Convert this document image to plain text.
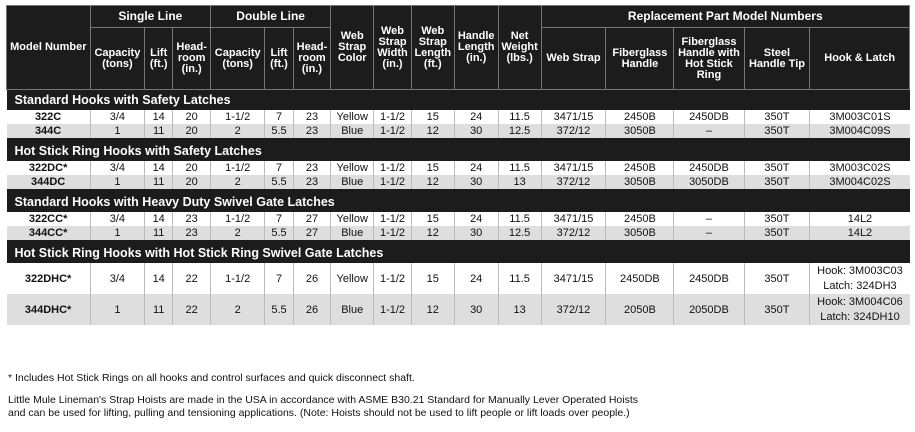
Model Number	Single Line			Double Line			Web Strap Color	Web Strap Width (in.)	Web Strap Length (ft.)	Handle Length (in.)	Net Weight (lbs.)	Replacement Part Model Numbers				
	Capacity (tons)	Lift (ft.)	Head- room (in.)	Capacity (tons)	Lift (ft.)	Head- room (in.)						Web Strap	Fiberglass Handle	Fiberglass Handle with Hot Stick Ring	Steel Handle Tip	Hook & Latch
Standard Hooks with Safety Latches																
322C	3/4	14	20	1-1/2	7	23	Yellow	1-1/2	15	24	11.5	3471/15	2450B	2450DB	350T	3M003C01S
344C	1	11	20	2	5.5	23	Blue	1-1/2	12	30	12.5	372/12	3050B	–	350T	3M004C09S

Hot Stick Ring Hooks with Safety Latches																
322DC*	3/4	14	20	1-1/2	7	23	Yellow	1-1/2	15	24	11.5	3471/15	2450B	2450DB	350T	3M003C02S
344DC	1	11	20	2	5.5	23	Blue	1-1/2	12	30	13	372/12	3050B	3050DB	350T	3M004C02S

Standard Hooks with Heavy Duty Swivel Gate Latches																
322CC*	3/4	14	23	1-1/2	7	27	Yellow	1-1/2	15	24	11.5	3471/15	2450B	–	350T	14L2
344CC*	1	11	23	2	5.5	27	Blue	1-1/2	12	30	12.5	372/12	3050B	–	350T	14L2

Hot Stick Ring Hooks with Hot Stick Ring Swivel Gate Latches																
322DHC*	3/4	14	22	1-1/2	7	26	Yellow	1-1/2	15	24	11.5	3471/15	2450DB	2450DB	350T	Hook: 3M003C03
Latch: 324DH3

344DHC*	1	11	22	2	5.5	26	Blue	1-1/2	12	30	13	372/12	2050B	2050DB	350T	Hook: 3M004C06
Latch: 324DH10
* Includes Hot Stick Rings on all hooks and control surfaces and quick disconnect shaft.
Little Mule Lineman's Strap Hoists are made in the USA in accordance with ASME B30.21 Standard for Manually Lever Operated Hoists
and can be used for lifting, pulling and tensioning applications. (Note: Hoists should not be used to lift people or lift loads over people.)
